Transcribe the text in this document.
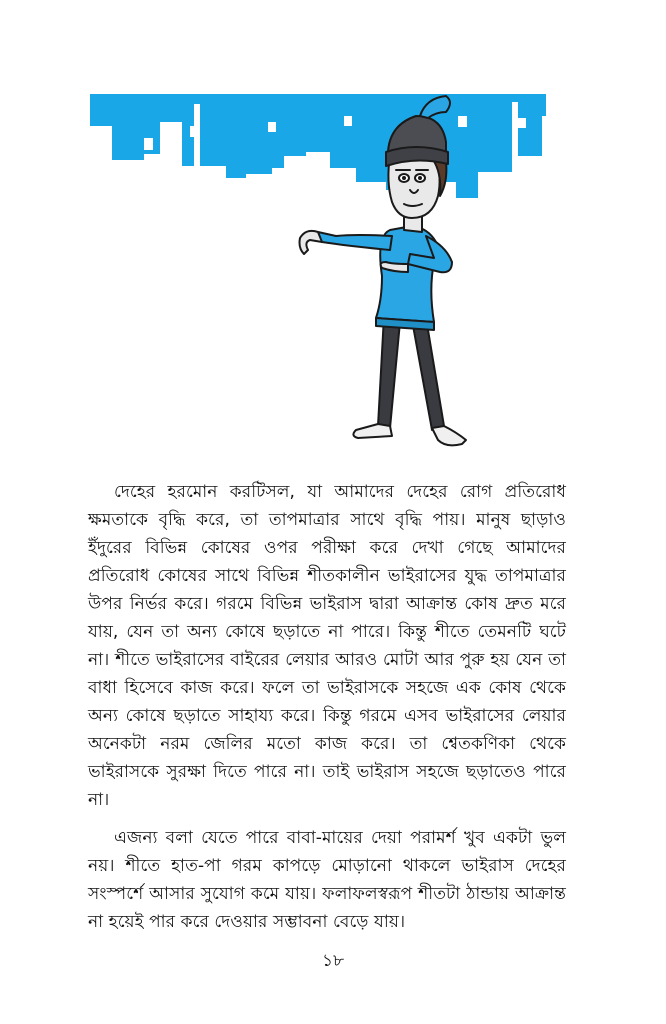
দেহের হরমোন করটিসল, যা আমাদের দেহের রোগ প্রতিরোধ ক্ষমতাকে বৃদ্ধি করে, তা তাপমাত্রার সাথে বৃদ্ধি পায়। মানুষ ছাড়াও ইঁদুরের বিভিন্ন কোষের ওপর পরীক্ষা করে দেখা গেছে আমাদের প্রতিরোধ কোষের সাথে বিভিন্ন শীতকালীন ভাইরাসের যুদ্ধ তাপমাত্রার উপর নির্ভর করে। গরমে বিভিন্ন ভাইরাস দ্বারা আক্রান্ত কোষ দ্রুত মরে যায়, যেন তা অন্য কোষে ছড়াতে না পারে। কিন্তু শীতে তেমনটি ঘটে না। শীতে ভাইরাসের বাইরের লেয়ার আরও মোটা আর পুরু হয় যেন তা বাধা হিসেবে কাজ করে। ফলে তা ভাইরাসকে সহজে এক কোষ থেকে অন্য কোষে ছড়াতে সাহায্য করে। কিন্তু গরমে এসব ভাইরাসের লেয়ার অনেকটা নরম জেলির মতো কাজ করে। তা শ্বেতকণিকা থেকে ভাইরাসকে সুরক্ষা দিতে পারে না। তাই ভাইরাস সহজে ছড়াতেও পারে না।

এজন্য বলা যেতে পারে বাবা-মায়ের দেয়া পরামর্শ খুব একটা ভুল নয়। শীতে হাত-পা গরম কাপড়ে মোড়ানো থাকলে ভাইরাস দেহের সংস্পর্শে আসার সুযোগ কমে যায়। ফলাফলস্বরূপ শীতটা ঠান্ডায় আক্রান্ত না হয়েই পার করে দেওয়ার সম্ভাবনা বেড়ে যায়।

১৮
